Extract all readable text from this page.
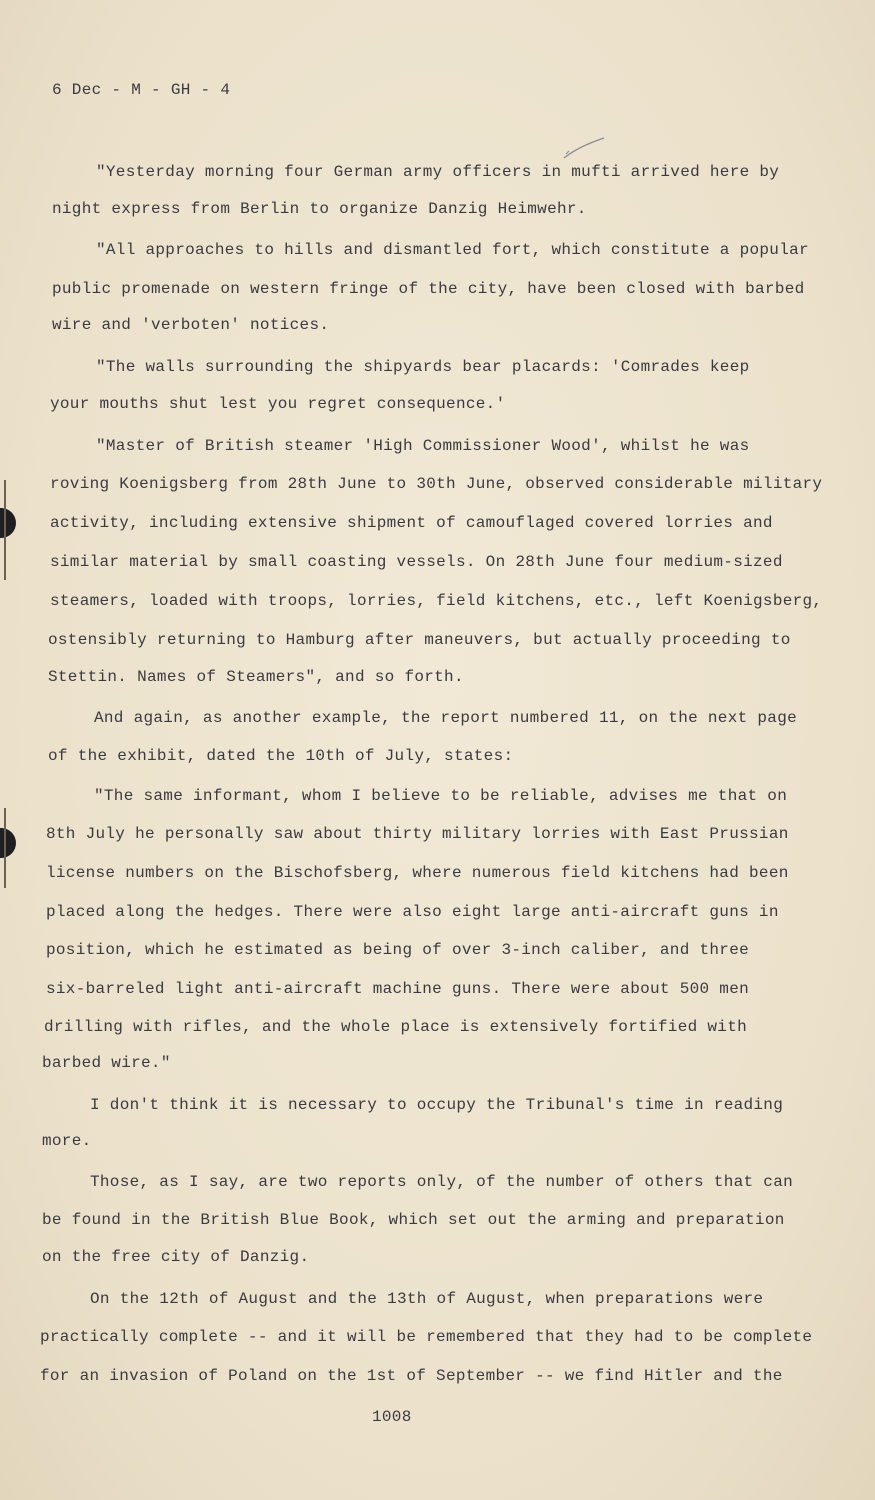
6 Dec - M - GH - 4

"Yesterday morning four German army officers in mufti arrived here by

night express from Berlin to organize Danzig Heimwehr.

"All approaches to hills and dismantled fort, which constitute a popular

public promenade on western fringe of the city, have been closed with barbed

wire and 'verboten' notices.

"The walls surrounding the shipyards bear placards: 'Comrades keep

your mouths shut lest you regret consequence.'

"Master of British steamer 'High Commissioner Wood', whilst he was

roving Koenigsberg from 28th June to 30th June, observed considerable military

activity, including extensive shipment of camouflaged covered lorries and

similar material by small coasting vessels. On 28th June four medium-sized

steamers, loaded with troops, lorries, field kitchens, etc., left Koenigsberg,

ostensibly returning to Hamburg after maneuvers, but actually proceeding to

Stettin. Names of Steamers", and so forth.

And again, as another example, the report numbered 11, on the next page

of the exhibit, dated the 10th of July, states:

"The same informant, whom I believe to be reliable, advises me that on

8th July he personally saw about thirty military lorries with East Prussian

license numbers on the Bischofsberg, where numerous field kitchens had been

placed along the hedges. There were also eight large anti-aircraft guns in

position, which he estimated as being of over 3-inch caliber, and three

six-barreled light anti-aircraft machine guns. There were about 500 men

drilling with rifles, and the whole place is extensively fortified with

barbed wire."

I don't think it is necessary to occupy the Tribunal's time in reading

more.

Those, as I say, are two reports only, of the number of others that can

be found in the British Blue Book, which set out the arming and preparation

on the free city of Danzig.

On the 12th of August and the 13th of August, when preparations were

practically complete -- and it will be remembered that they had to be complete

for an invasion of Poland on the 1st of September -- we find Hitler and the

1008
